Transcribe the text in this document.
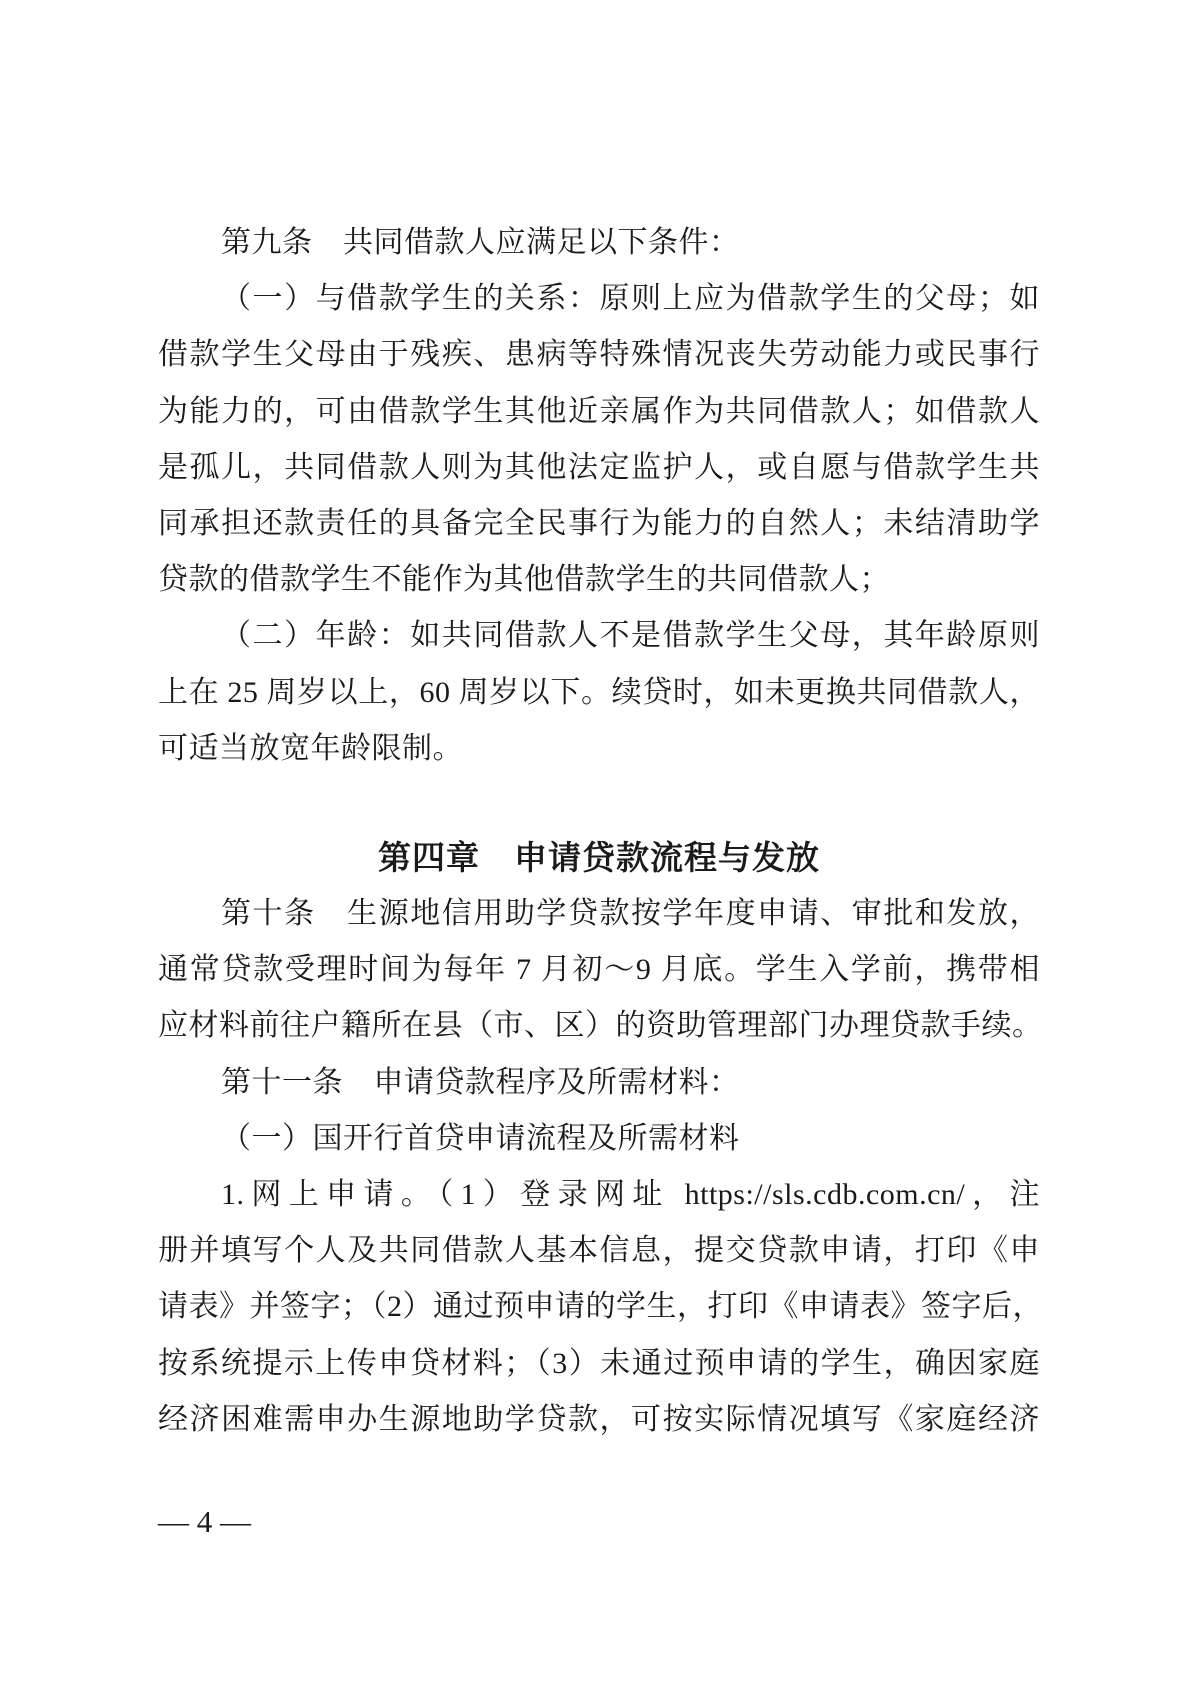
第九条　共同借款人应满足以下条件：
（一）与借款学生的关系：原则上应为借款学生的父母；如
借款学生父母由于残疾、患病等特殊情况丧失劳动能力或民事行
为能力的，可由借款学生其他近亲属作为共同借款人；如借款人
是孤儿，共同借款人则为其他法定监护人，或自愿与借款学生共
同承担还款责任的具备完全民事行为能力的自然人；未结清助学
贷款的借款学生不能作为其他借款学生的共同借款人；
（二）年龄：如共同借款人不是借款学生父母，其年龄原则
上在 25 周岁以上，60 周岁以下。续贷时，如未更换共同借款人，
可适当放宽年龄限制。
第四章　申请贷款流程与发放
第十条　生源地信用助学贷款按学年度申请、审批和发放，
通常贷款受理时间为每年 7 月初～9 月底。学生入学前，携带相
应材料前往户籍所在县（市、区）的资助管理部门办理贷款手续。
第十一条　申请贷款程序及所需材料：
（一）国开行首贷申请流程及所需材料
1.网上申请。（1）登录网址 https://sls.cdb.com.cn/，注
册并填写个人及共同借款人基本信息，提交贷款申请，打印《申
请表》并签字；（2）通过预申请的学生，打印《申请表》签字后，
按系统提示上传申贷材料；（3）未通过预申请的学生，确因家庭
经济困难需申办生源地助学贷款，可按实际情况填写《家庭经济
— 4 —
